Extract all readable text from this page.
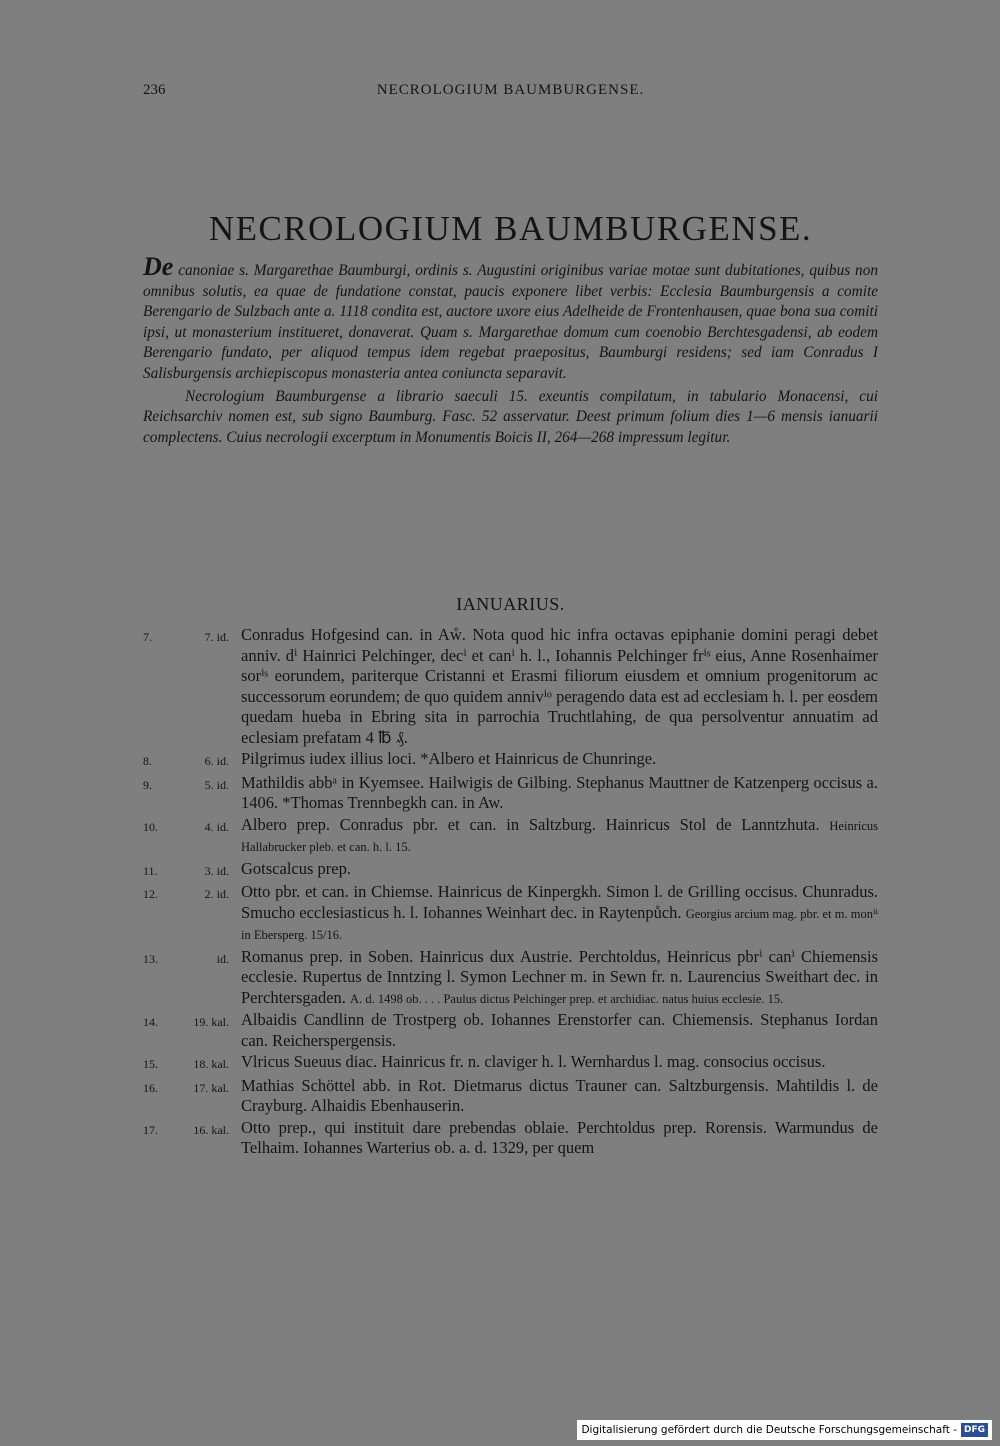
236	NECROLOGIUM BAUMBURGENSE.
NECROLOGIUM BAUMBURGENSE.

De canoniae s. Margarethae Baumburgi, ordinis s. Augustini originibus variae motae sunt dubitationes, quibus non omnibus solutis, ea quae de fundatione constat, paucis exponere libet verbis: Ecclesia Baumburgensis a comite Berengario de Sulzbach ante a. 1118 condita est, auctore uxore eius Adelheide de Frontenhausen, quae bona sua comiti ipsi, ut monasterium institueret, donaverat. Quam s. Margarethae domum cum coenobio Berchtesgadensi, ab eodem Berengario fundato, per aliquod tempus idem regebat praepositus, Baumburgi residens; sed iam Conradus I Salisburgensis archiepiscopus monasteria antea coniuncta separavit.

Necrologium Baumburgense a librario saeculi 15. exeuntis compilatum, in tabulario Monacensi, cui Reichsarchiv nomen est, sub signo Baumburg. Fasc. 52 asservatur. Deest primum folium dies 1—6 mensis ianuarii complectens. Cuius necrologii excerptum in Monumentis Boicis II, 264—268 impressum legitur.

IANUARIUS.
7.	7. id. Conradus Hofgesind can. in Aẘ. Nota quod hic infra octavas epiphanie domini peragi debet anniv. dⁱ Hainrici Pelchinger, decⁱ et canⁱ h. l., Iohannis Pelchinger frⁱˢ eius, Anne Rosenhaimer sorⁱˢ eorundem, pariterque Cristanni et Erasmi filiorum eiusdem et omnium progenitorum ac successorum eorundem; de quo quidem annivⁱᵒ peragendo data est ad ecclesiam h. l. per eosdem quedam hueba in Ebring sita in parrochia Truchtlahing, de qua persolventur annuatim ad eclesiam prefatam 4 ℔ ₰.
8.	6. id. Pilgrimus iudex illius loci. *Albero et Hainricus de Chunringe.
9.	5. id. Mathildis abbᵃ in Kyemsee. Hailwigis de Gilbing. Stephanus Mauttner de Katzenperg occisus a. 1406. *Thomas Trennbegkh can. in Aw.
10.	4. id. Albero prep. Conradus pbr. et can. in Saltzburg. Hainricus Stol de Lanntzhuta. Heinricus Hallabrucker pleb. et can. h. l. 15.
11.	3. id. Gotscalcus prep.
12.	2. id. Otto pbr. et can. in Chiemse. Hainricus de Kinpergkh. Simon l. de Grilling occisus. Chunradus. Smucho ecclesiasticus h. l. Iohannes Weinhart dec. in Raytenpůch. Georgius arcium mag. pbr. et m. monⁱⁱ in Ebersperg. 15/16.
13.	id. Romanus prep. in Soben. Hainricus dux Austrie. Perchtoldus, Heinricus pbrⁱ canⁱ Chiemensis ecclesie. Rupertus de Inntzing l. Symon Lechner m. in Sewn fr. n. Laurencius Sweithart dec. in Perchtersgaden. A. d. 1498 ob. . . . Paulus dictus Pelchinger prep. et archidiac. natus huius ecclesie. 15.
14.	19. kal. Albaidis Candlinn de Trostperg ob. Iohannes Erenstorfer can. Chiemensis. Stephanus Iordan can. Reicherspergensis.
15.	18. kal. Vlricus Sueuus diac. Hainricus fr. n. claviger h. l. Wernhardus l. mag. consocius occisus.
16.	17. kal. Mathias Schöttel abb. in Rot. Dietmarus dictus Trauner can. Saltzburgensis. Mahtildis l. de Crayburg. Alhaidis Ebenhauserin.
17.	16. kal. Otto prep., qui instituit dare prebendas oblaie. Perchtoldus prep. Rorensis. Warmundus de Telhaim. Iohannes Warterius ob. a. d. 1329, per quem
Digitalisierung gefördert durch die Deutsche Forschungsgemeinschaft - DFG
